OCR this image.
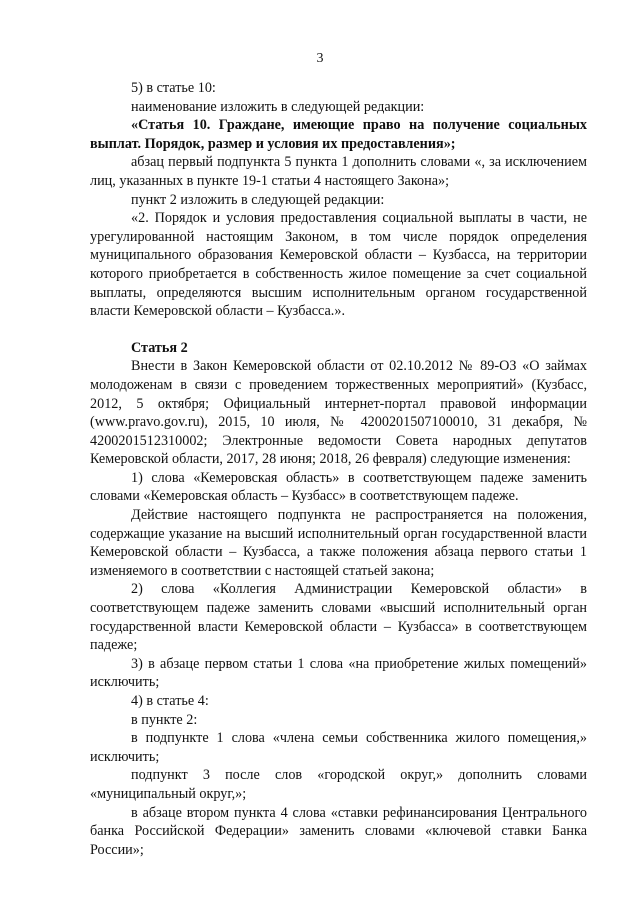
3

5) в статье 10:

наименование изложить в следующей редакции:

«Статья 10. Граждане, имеющие право на получение социальных выплат. Порядок, размер и условия их предоставления»;

абзац первый подпункта 5 пункта 1 дополнить словами «, за исключением лиц, указанных в пункте 19-1 статьи 4 настоящего Закона»;

пункт 2 изложить в следующей редакции:

«2. Порядок и условия предоставления социальной выплаты в части, не урегулированной настоящим Законом, в том числе порядок определения муниципального образования Кемеровской области – Кузбасса, на территории которого приобретается в собственность жилое помещение за счет социальной выплаты, определяются высшим исполнительным органом государственной власти Кемеровской области – Кузбасса.».

Статья 2

Внести в Закон Кемеровской области от 02.10.2012 № 89-ОЗ «О займах молодоженам в связи с проведением торжественных мероприятий» (Кузбасс, 2012, 5 октября; Официальный интернет-портал правовой информации (www.pravo.gov.ru), 2015, 10 июля, № 4200201507100010, 31 декабря, № 4200201512310002; Электронные ведомости Совета народных депутатов Кемеровской области, 2017, 28 июня; 2018, 26 февраля) следующие изменения:

1) слова «Кемеровская область» в соответствующем падеже заменить словами «Кемеровская область – Кузбасс» в соответствующем падеже.

Действие настоящего подпункта не распространяется на положения, содержащие указание на высший исполнительный орган государственной власти Кемеровской области – Кузбасса, а также положения абзаца первого статьи 1 изменяемого в соответствии с настоящей статьей закона;

2) слова «Коллегия Администрации Кемеровской области» в соответствующем падеже заменить словами «высший исполнительный орган государственной власти Кемеровской области – Кузбасса» в соответствующем падеже;

3) в абзаце первом статьи 1 слова «на приобретение жилых помещений» исключить;

4) в статье 4:

в пункте 2:

в подпункте 1 слова «члена семьи собственника жилого помещения,» исключить;

подпункт 3 после слов «городской округ,» дополнить словами «муниципальный округ,»;

в абзаце втором пункта 4 слова «ставки рефинансирования Центрального банка Российской Федерации» заменить словами «ключевой ставки Банка России»;
